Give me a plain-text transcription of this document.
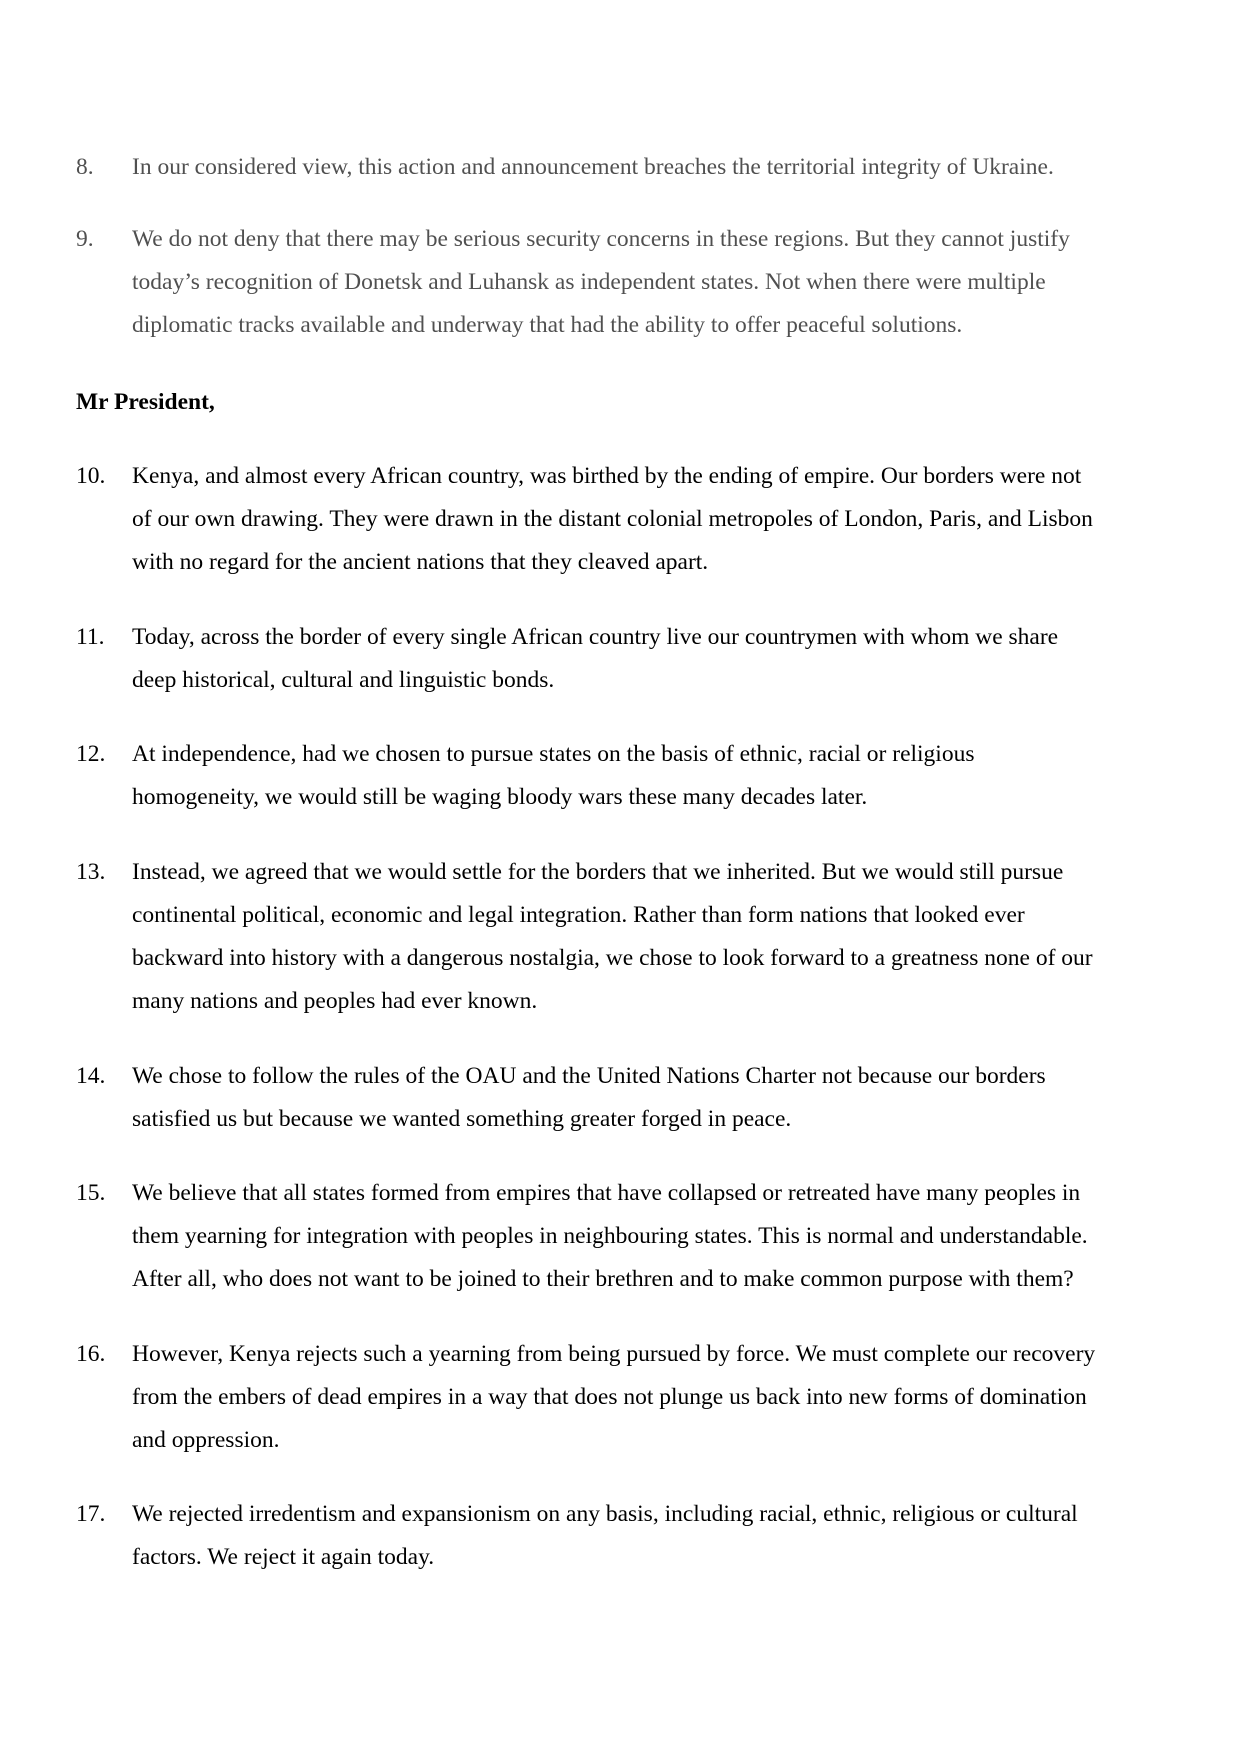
8. In our considered view, this action and announcement breaches the territorial integrity of Ukraine.
9. We do not deny that there may be serious security concerns in these regions. But they cannot justify
today’s recognition of Donetsk and Luhansk as independent states. Not when there were multiple
diplomatic tracks available and underway that had the ability to offer peaceful solutions.
Mr President,
10. Kenya, and almost every African country, was birthed by the ending of empire. Our borders were not
of our own drawing. They were drawn in the distant colonial metropoles of London, Paris, and Lisbon
with no regard for the ancient nations that they cleaved apart.
11. Today, across the border of every single African country live our countrymen with whom we share
deep historical, cultural and linguistic bonds.
12. At independence, had we chosen to pursue states on the basis of ethnic, racial or religious
homogeneity, we would still be waging bloody wars these many decades later.
13. Instead, we agreed that we would settle for the borders that we inherited. But we would still pursue
continental political, economic and legal integration. Rather than form nations that looked ever
backward into history with a dangerous nostalgia, we chose to look forward to a greatness none of our
many nations and peoples had ever known.
14. We chose to follow the rules of the OAU and the United Nations Charter not because our borders
satisfied us but because we wanted something greater forged in peace.
15. We believe that all states formed from empires that have collapsed or retreated have many peoples in
them yearning for integration with peoples in neighbouring states. This is normal and understandable.
After all, who does not want to be joined to their brethren and to make common purpose with them?
16. However, Kenya rejects such a yearning from being pursued by force. We must complete our recovery
from the embers of dead empires in a way that does not plunge us back into new forms of domination
and oppression.
17. We rejected irredentism and expansionism on any basis, including racial, ethnic, religious or cultural
factors. We reject it again today.
